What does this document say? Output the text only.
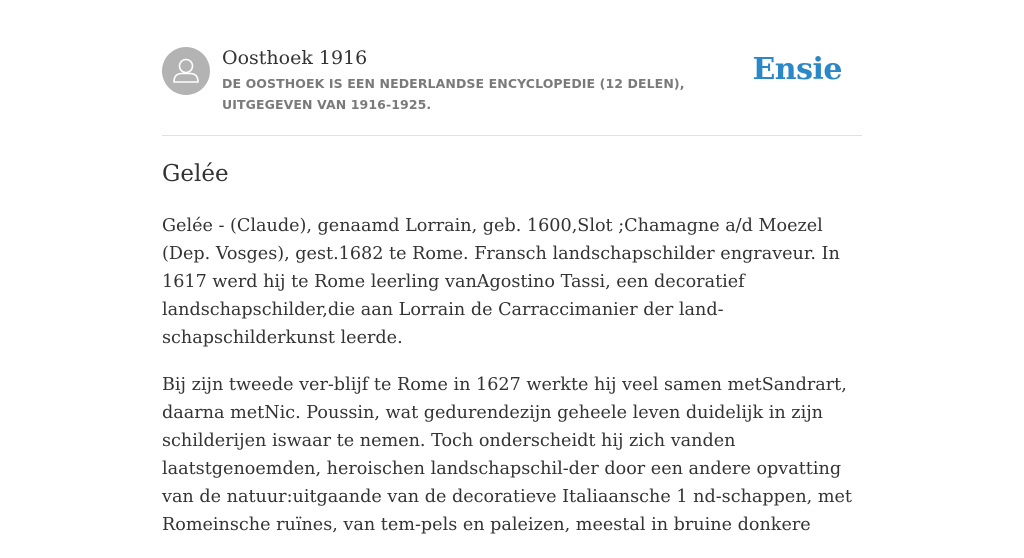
Oosthoek 1916
DE OOSTHOEK IS EEN NEDERLANDSE ENCYCLOPEDIE (12 DELEN), UITGEGEVEN VAN 1916-1925.
Ensie
Gelée

Gelée - (Claude), genaamd Lorrain, geb. 1600,Slot ;Chamagne a/d Moezel (Dep. Vosges), gest.1682 te Rome. Fransch landschapschilder engraveur. In 1617 werd hij te Rome leerling vanAgostino Tassi, een decoratief landschapschilder,die aan Lorrain de Carraccimanier der land-schapschilderkunst leerde.

Bij zijn tweede ver-blijf te Rome in 1627 werkte hij veel samen metSandrart, daarna metNic. Poussin, wat gedurendezijn geheele leven duidelijk in zijn schilderijen iswaar te nemen. Toch onderscheidt hij zich vanden laatstgenoemden, heroischen landschapschil-der door een andere opvatting van de natuur:uitgaande van de decoratieve Italiaansche 1 nd-schappen, met Romeinsche ruïnes, van tem-pels en paleizen, meestal in bruine donkere
